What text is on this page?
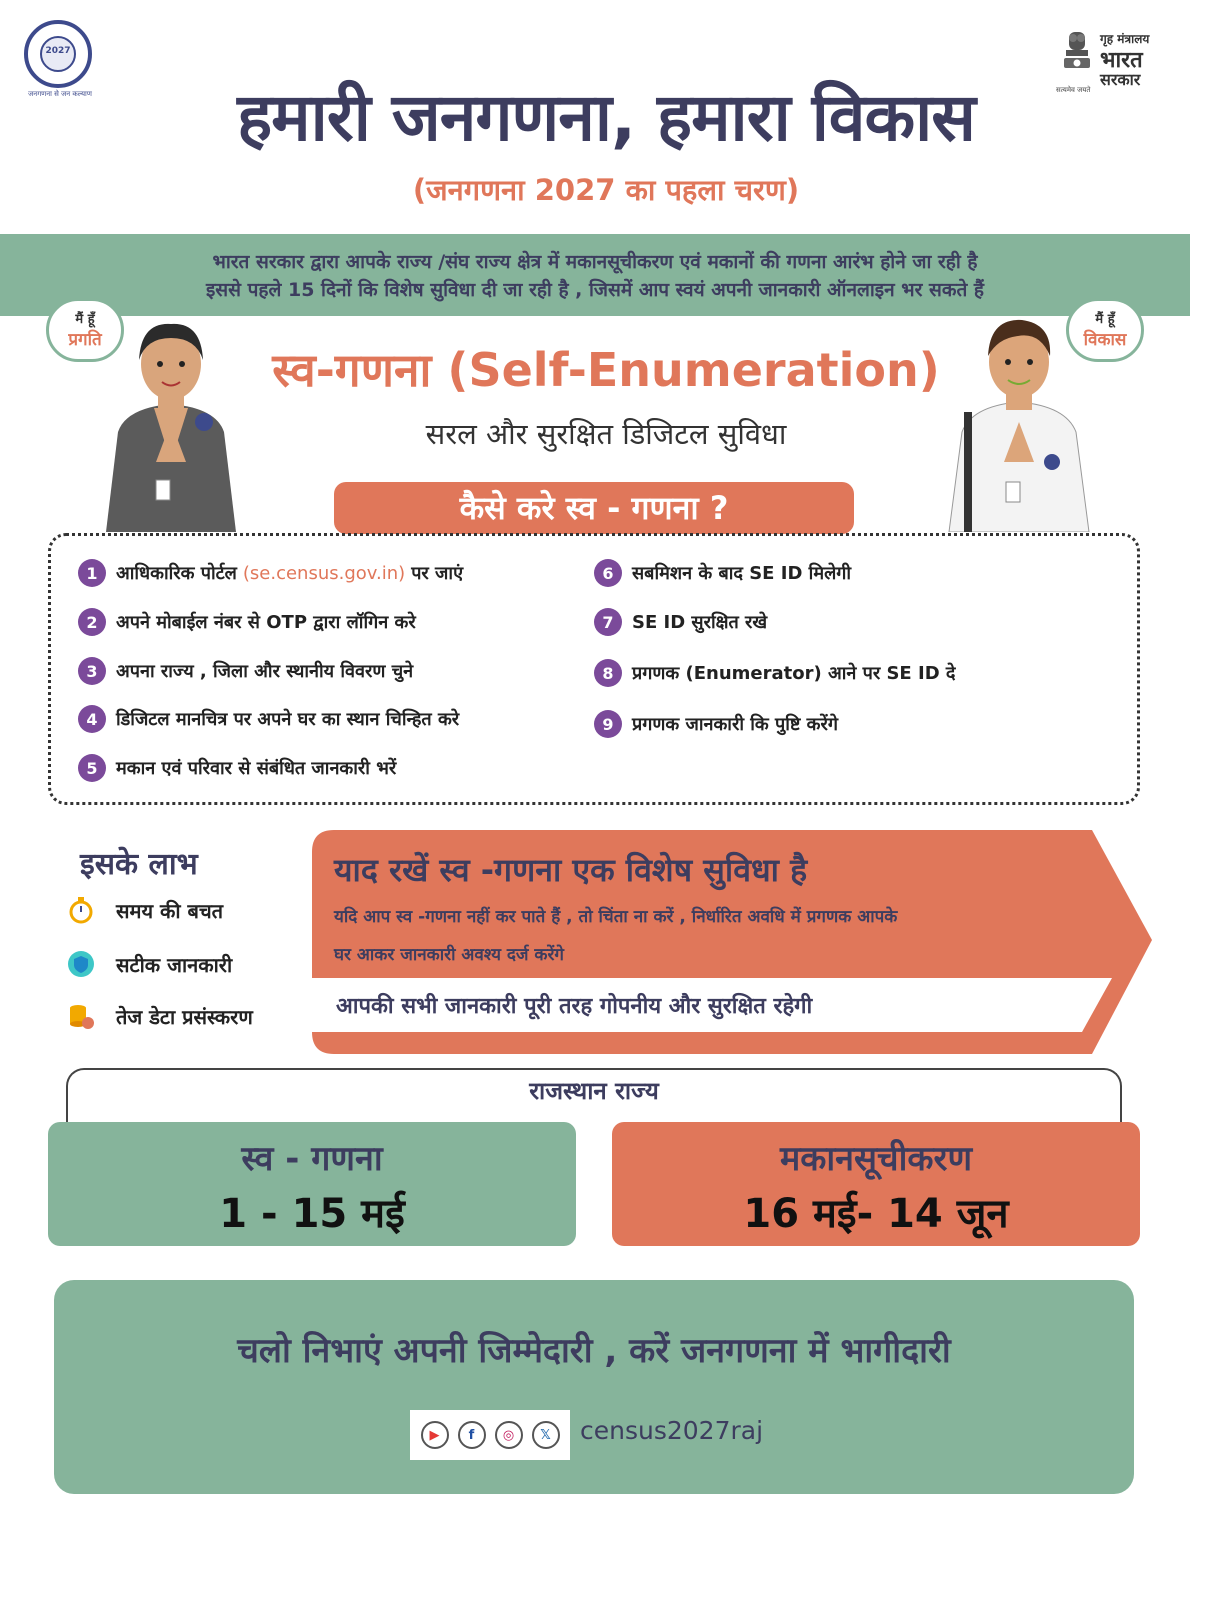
2027
जनगणना से जन कल्याण	हमारी जनगणना, हमारा विकास
(जनगणना 2027 का पहला चरण)
गृह मंत्रालय
भारत
सरकार
सत्यमेव जयते
भारत सरकार द्वारा आपके राज्य /संघ राज्य क्षेत्र में मकानसूचीकरण एवं मकानों की गणना आरंभ होने जा रही है
इससे पहले 15 दिनों कि विशेष सुविधा दी जा रही है , जिसमें आप स्वयं अपनी जानकारी ऑनलाइन भर सकते हैं
मैं हूँ
प्रगति
मैं हूँ
विकास
स्व-गणना (Self-Enumeration)
सरल और सुरक्षित डिजिटल सुविधा
कैसे करे स्व - गणना ?
1	आधिकारिक पोर्टल (se.census.gov.in) पर जाएं
2	अपने मोबाईल नंबर से OTP द्वारा लॉगिन करे
3	अपना राज्य , जिला और स्थानीय विवरण चुने
4	डिजिटल मानचित्र पर अपने घर का स्थान चिन्हित करे
5	मकान एवं परिवार से संबंधित जानकारी भरें
6	सबमिशन के बाद SE ID मिलेगी
7	SE ID सुरक्षित रखे
8	प्रगणक (Enumerator) आने पर SE ID दे
9	प्रगणक जानकारी कि पुष्टि करेंगे
इसके लाभ
समय की बचत
सटीक जानकारी
तेज डेटा प्रसंस्करण
याद रखें स्व -गणना एक विशेष सुविधा है
यदि आप स्व -गणना नहीं कर पाते हैं , तो चिंता ना करें , निर्धारित अवधि में प्रगणक आपके
घर आकर जानकारी अवश्य दर्ज करेंगे
आपकी सभी जानकारी पूरी तरह गोपनीय और सुरक्षित रहेगी
राजस्थान राज्य
स्व - गणना
1 - 15 मई
मकानसूचीकरण
16 मई- 14 जून
चलो निभाएं अपनी जिम्मेदारी , करें जनगणना में भागीदारी
▶ f ◎ 𝕏 census2027raj
